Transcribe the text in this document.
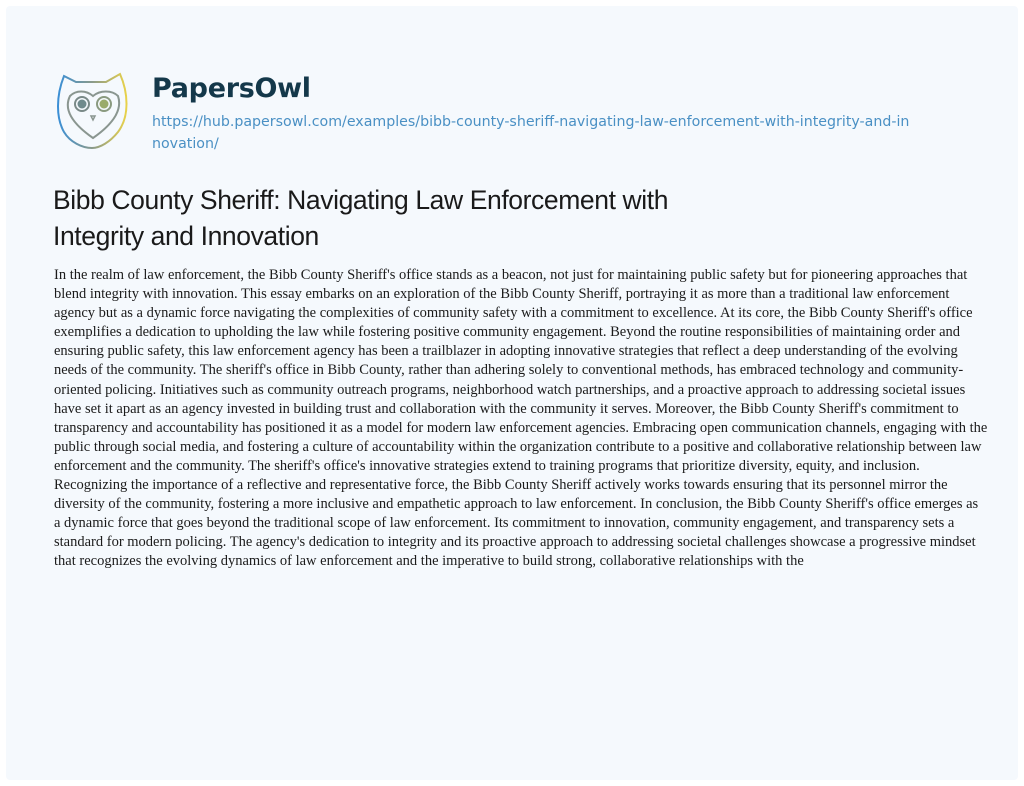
PapersOwl
https://hub.papersowl.com/examples/bibb-county-sheriff-navigating-law-enforcement-with-integrity-and-innovation/
Bibb County Sheriff: Navigating Law Enforcement with Integrity and Innovation
In the realm of law enforcement, the Bibb County Sheriff's office stands as a beacon, not just for maintaining public safety but for pioneering approaches that blend integrity with innovation. This essay embarks on an exploration of the Bibb County Sheriff, portraying it as more than a traditional law enforcement agency but as a dynamic force navigating the complexities of community safety with a commitment to excellence. At its core, the Bibb County Sheriff's office exemplifies a dedication to upholding the law while fostering positive community engagement. Beyond the routine responsibilities of maintaining order and ensuring public safety, this law enforcement agency has been a trailblazer in adopting innovative strategies that reflect a deep understanding of the evolving needs of the community. The sheriff's office in Bibb County, rather than adhering solely to conventional methods, has embraced technology and community-oriented policing. Initiatives such as community outreach programs, neighborhood watch partnerships, and a proactive approach to addressing societal issues have set it apart as an agency invested in building trust and collaboration with the community it serves. Moreover, the Bibb County Sheriff's commitment to transparency and accountability has positioned it as a model for modern law enforcement agencies. Embracing open communication channels, engaging with the public through social media, and fostering a culture of accountability within the organization contribute to a positive and collaborative relationship between law enforcement and the community. The sheriff's office's innovative strategies extend to training programs that prioritize diversity, equity, and inclusion. Recognizing the importance of a reflective and representative force, the Bibb County Sheriff actively works towards ensuring that its personnel mirror the diversity of the community, fostering a more inclusive and empathetic approach to law enforcement. In conclusion, the Bibb County Sheriff's office emerges as a dynamic force that goes beyond the traditional scope of law enforcement. Its commitment to innovation, community engagement, and transparency sets a standard for modern policing. The agency's dedication to integrity and its proactive approach to addressing societal challenges showcase a progressive mindset that recognizes the evolving dynamics of law enforcement and the imperative to build strong, collaborative relationships with the
